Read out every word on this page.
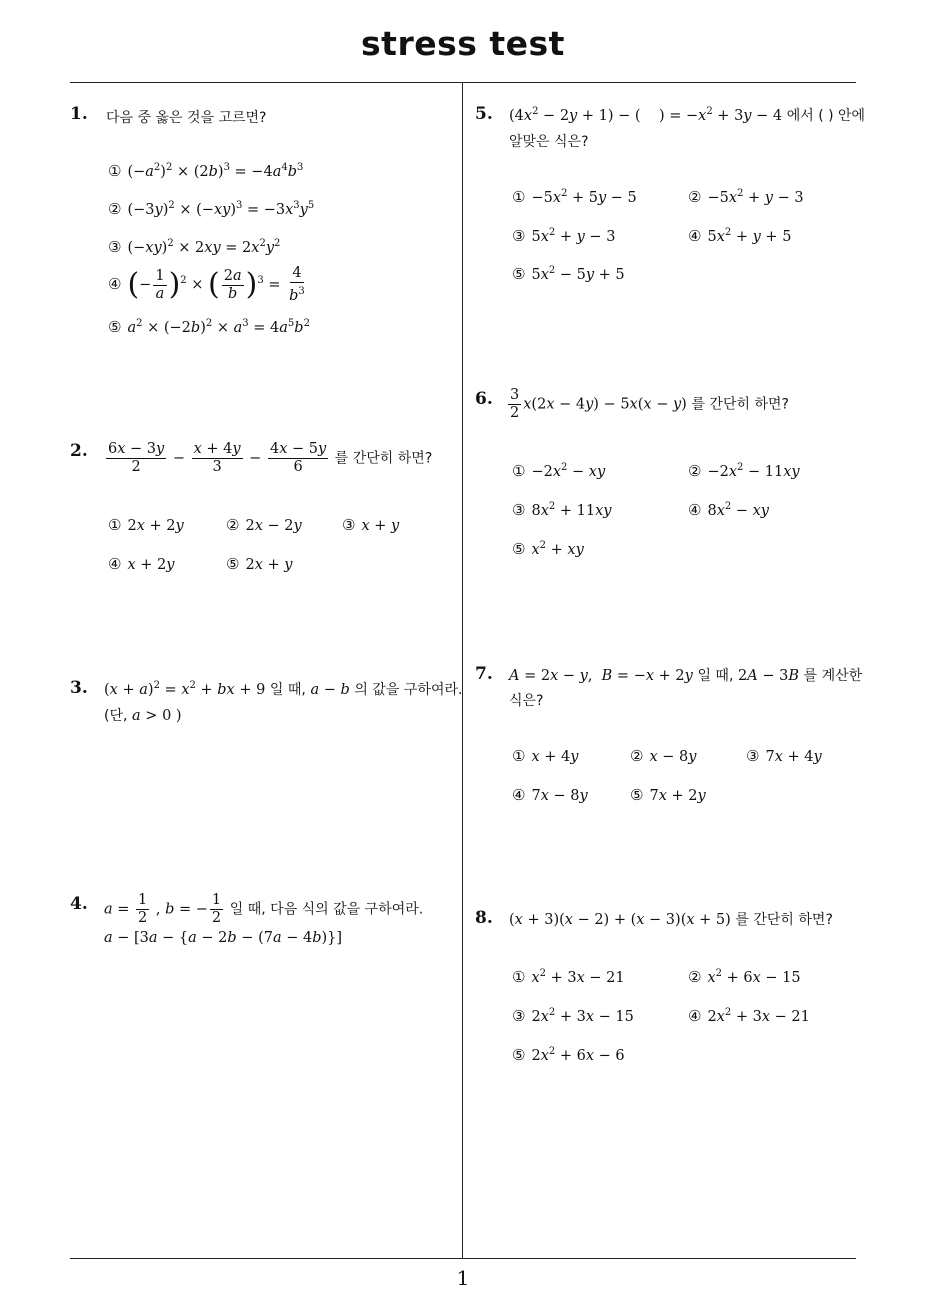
stress test
1
1. 다음 중 옳은 것을 고르면?
① $(-a^2)^2 \times (2b)^3 = -4a^4b^3$
② $(-3y)^2 \times (-xy)^3 = -3x^3y^5$
③ $(-xy)^2 \times 2xy = 2x^2y^2$
④ (− $\frac{1}{a} )^2$ × ( $\frac{2a}{b} )^3 = \frac{4}{b^3}$
⑤ $a^2 \times (-2b)^2 \times a^3 = 4a^5b^2$
2. $\frac{6x - 3y}{2} - \frac{x + 4y}{3} - \frac{4x - 5y}{6}$ 를 간단히 하면?
① 2x + 2y	② 2x − 2y	③ x + y
④ x + 2y	⑤ 2x + y
3. $(x + a)^2 = x^2$ + bx + 9 일 때, a − b 의 값을 구하여라.
(단, a > 0 )
4. $a = \frac{1}{2}$ , b = − $\frac{1}{2}$ 일 때, 다음 식의 값을 구하여라.
a − [3a − {a − 2b − (7a − 4b)}]
5. $(4x^2 - 2y + 1)$ − (    ) = $-x^2 + 3y - 4$ 에서 ( ) 안에
알맞은 식은?
① $-5x^2 + 5y - 5$	② $-5x^2 + y - 3$
③ $5x^2 + y - 3$	④ $5x^2 + y + 5$
⑤ $5x^2 - 5y + 5$
6. $\frac{3}{2} x(2x - 4y) - 5x(x - y)$ 를 간단히 하면?
① $-2x^2$ − xy	② $-2x^2 - 11xy$
③ $8x^2 + 11xy$	④ $8x^2$ − xy
⑤ $x^2$ + xy
7. A = 2x − y,  B = −x + 2y 일 때, 2A − 3B 를 계산한
식은?
① x + 4y	② x − 8y	③ 7x + 4y
④ 7x − 8y	⑤ 7x + 2y
8. (x + 3)(x − 2) + (x − 3)(x + 5) 를 간단히 하면?
① $x^2 + 3x - 21$	② $x^2 + 6x - 15$
③ $2x^2 + 3x - 15$	④ $2x^2 + 3x - 21$
⑤ $2x^2 + 6x - 6$
